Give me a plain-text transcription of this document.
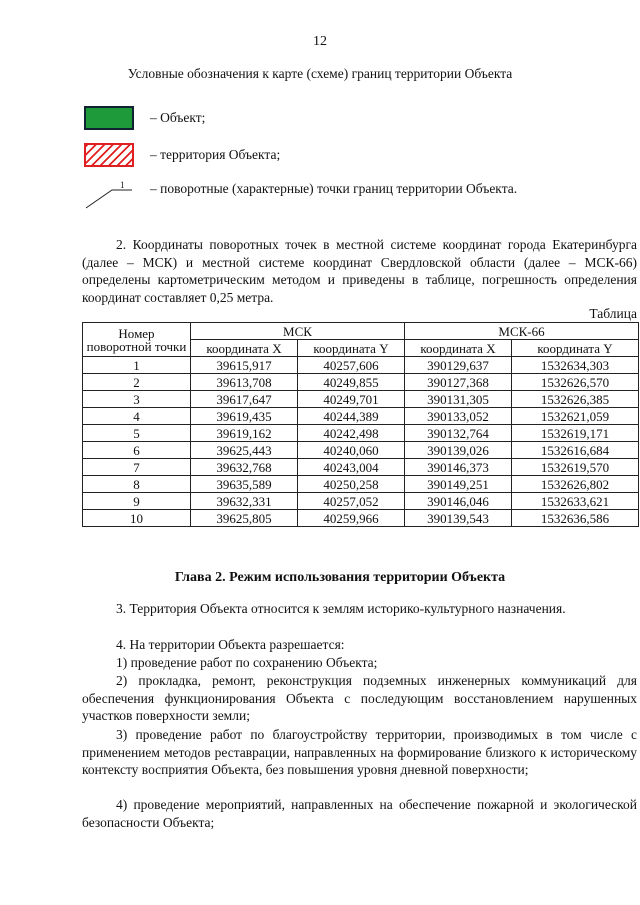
12
Условные обозначения к карте (схеме) границ территории Объекта
– Объект;
– территория Объекта;
1 – поворотные (характерные) точки границ территории Объекта.
2. Координаты поворотных точек в местной системе координат города Екатеринбурга (далее – МСК) и местной системе координат Свердловской области (далее – МСК-66) определены картометрическим методом и приведены в таблице, погрешность определения координат составляет 0,25 метра.
Таблица
Номер поворотной точки	МСК		МСК-66	
	координата X	координата Y	координата X	координата Y
1	39615,917	40257,606	390129,637	1532634,303
2	39613,708	40249,855	390127,368	1532626,570
3	39617,647	40249,701	390131,305	1532626,385
4	39619,435	40244,389	390133,052	1532621,059
5	39619,162	40242,498	390132,764	1532619,171
6	39625,443	40240,060	390139,026	1532616,684
7	39632,768	40243,004	390146,373	1532619,570
8	39635,589	40250,258	390149,251	1532626,802
9	39632,331	40257,052	390146,046	1532633,621
10	39625,805	40259,966	390139,543	1532636,586
Глава 2. Режим использования территории Объекта
3. Территория Объекта относится к землям историко-культурного назначения.
4. На территории Объекта разрешается:
1) проведение работ по сохранению Объекта;
2) прокладка, ремонт, реконструкция подземных инженерных коммуникаций для обеспечения функционирования Объекта с последующим восстановлением нарушенных участков поверхности земли;
3) проведение работ по благоустройству территории, производимых в том числе с применением методов реставрации, направленных на формирование близкого к историческому контексту восприятия Объекта, без повышения уровня дневной поверхности;
4) проведение мероприятий, направленных на обеспечение пожарной и экологической безопасности Объекта;
